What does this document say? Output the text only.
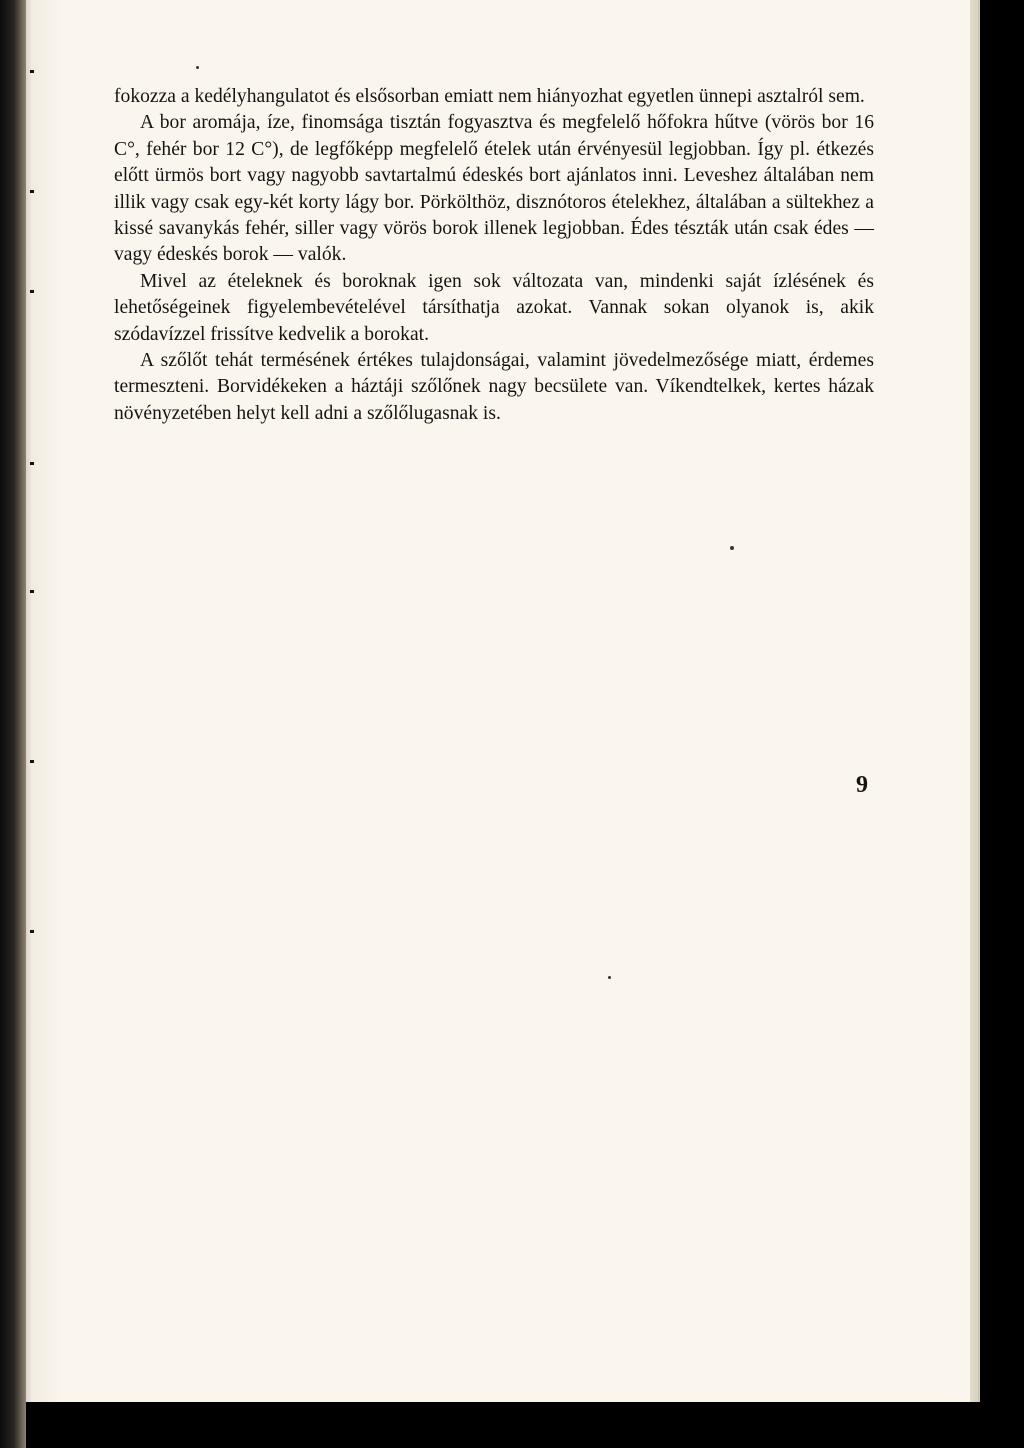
fokozza a kedélyhangulatot és elsősorban emiatt nem hiányozhat egyetlen ünnepi asztalról sem.

A bor aromája, íze, finomsága tisztán fogyasztva és megfelelő hőfokra hűtve (vörös bor 16 C°, fehér bor 12 C°), de legfőképp megfelelő ételek után érvényesül legjobban. Így pl. étkezés előtt ürmös bort vagy nagyobb savtartalmú édeskés bort ajánlatos inni. Leveshez általában nem illik vagy csak egy-két korty lágy bor. Pörkölthöz, disznótoros ételekhez, általában a sültekhez a kissé savanykás fehér, siller vagy vörös borok illenek legjobban. Édes tészták után csak édes — vagy édeskés borok — valók.

Mivel az ételeknek és boroknak igen sok változata van, mindenki saját ízlésének és lehetőségeinek figyelembevételével társíthatja azokat. Vannak sokan olyanok is, akik szódavízzel frissítve kedvelik a borokat.

A szőlőt tehát termésének értékes tulajdonságai, valamint jövedelmezősége miatt, érdemes termeszteni. Borvidékeken a háztáji szőlőnek nagy becsülete van. Víkendtelkek, kertes házak növényzetében helyt kell adni a szőlőlugasnak is.

9
